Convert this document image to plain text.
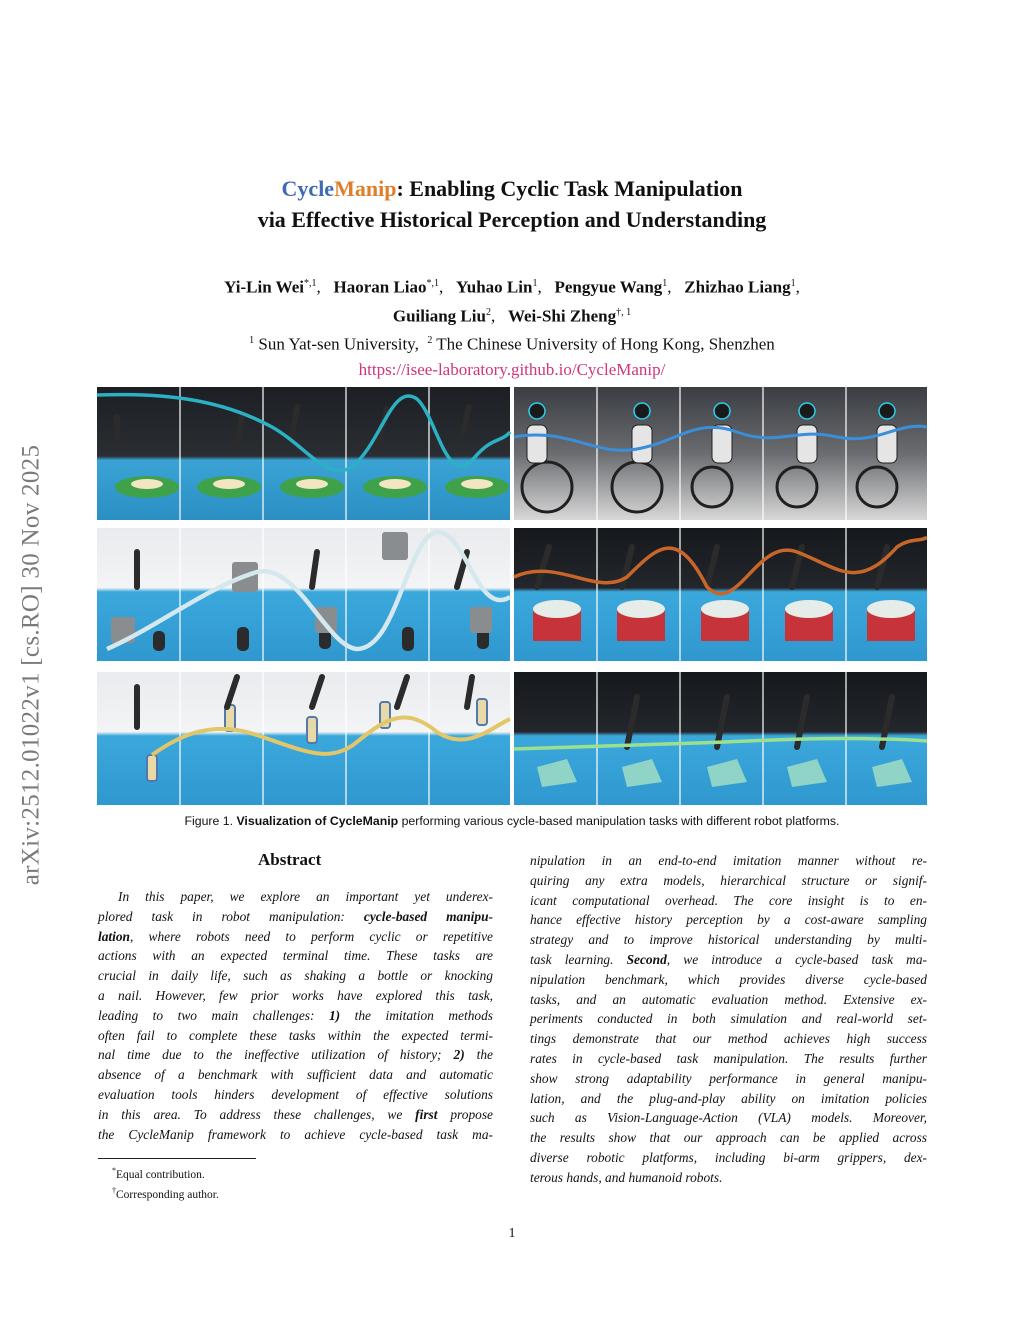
arXiv:2512.01022v1 [cs.RO] 30 Nov 2025
CycleManip: Enabling Cyclic Task Manipulation
via Effective Historical Perception and Understanding
Yi-Lin Wei$^{*,1}$,   Haoran Liao$^{*,1}$,   Yuhao Lin$^1$,   Pengyue Wang$^1$,   Zhizhao Liang$^1$,
Guiliang Liu$^2$,   Wei-Shi Zheng$^{\dagger, 1}$
$^1$ Sun Yat-sen University, $^2$ The Chinese University of Hong Kong, Shenzhen
https://isee-laboratory.github.io/CycleManip/
Figure 1. Visualization of CycleManip performing various cycle-based manipulation tasks with different robot platforms.
Abstract
In this paper, we explore an important yet underex-
plored task in robot manipulation: cycle-based manipu-
lation, where robots need to perform cyclic or repetitive
actions with an expected terminal time. These tasks are
crucial in daily life, such as shaking a bottle or knocking
a nail. However, few prior works have explored this task,
leading to two main challenges: 1) the imitation methods
often fail to complete these tasks within the expected termi-
nal time due to the ineffective utilization of history; 2) the
absence of a benchmark with sufficient data and automatic
evaluation tools hinders development of effective solutions
in this area. To address these challenges, we first propose
the CycleManip framework to achieve cycle-based task ma-
nipulation in an end-to-end imitation manner without re-
quiring any extra models, hierarchical structure or signif-
icant computational overhead. The core insight is to en-
hance effective history perception by a cost-aware sampling
strategy and to improve historical understanding by multi-
task learning. Second, we introduce a cycle-based task ma-
nipulation benchmark, which provides diverse cycle-based
tasks, and an automatic evaluation method. Extensive ex-
periments conducted in both simulation and real-world set-
tings demonstrate that our method achieves high success
rates in cycle-based task manipulation. The results further
show strong adaptability performance in general manipu-
lation, and the plug-and-play ability on imitation policies
such as Vision-Language-Action (VLA) models. Moreover,
the results show that our approach can be applied across
diverse robotic platforms, including bi-arm grippers, dex-
terous hands, and humanoid robots.
*Equal contribution.
†Corresponding author.
1
